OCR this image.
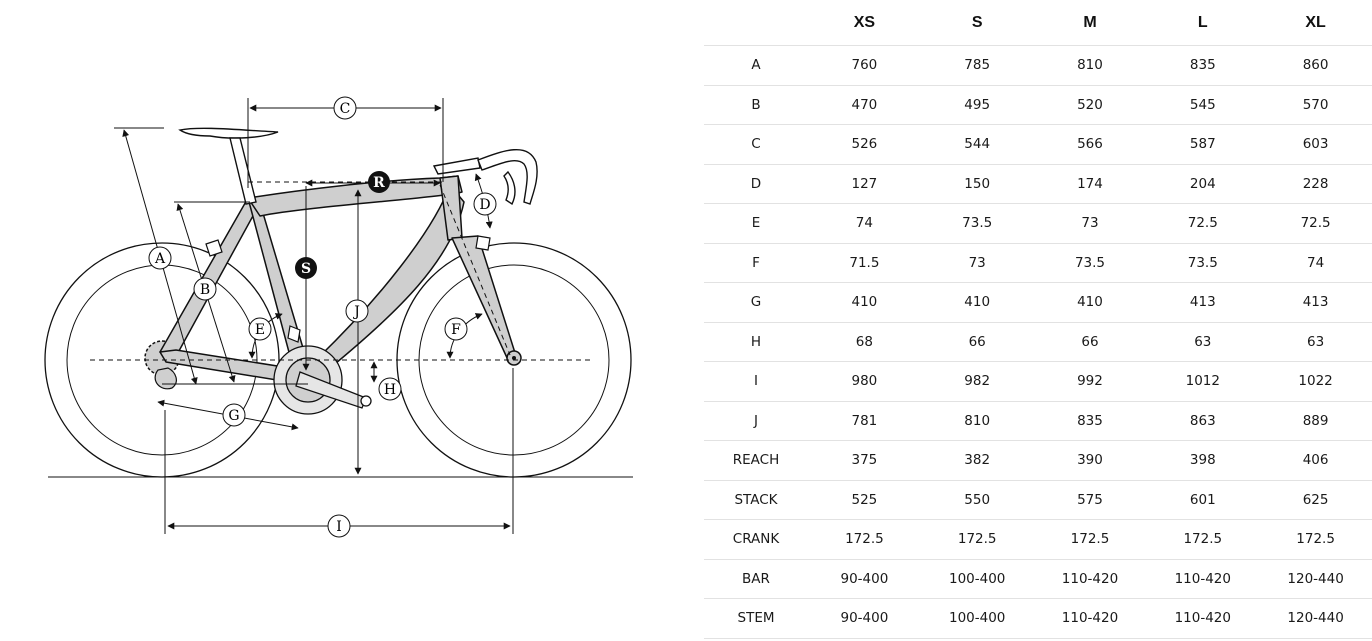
C
R
D
A
S
B
J
E	F
H
G
I
	XS	S	M	L	XL
A	760	785	810	835	860
B	470	495	520	545	570
C	526	544	566	587	603
D	127	150	174	204	228
E	74	73.5	73	72.5	72.5
F	71.5	73	73.5	73.5	74
G	410	410	410	413	413
H	68	66	66	63	63
I	980	982	992	1012	1022
J	781	810	835	863	889
REACH	375	382	390	398	406
STACK	525	550	575	601	625
CRANK	172.5	172.5	172.5	172.5	172.5
BAR	90-400	100-400	110-420	110-420	120-440
STEM	90-400	100-400	110-420	110-420	120-440
